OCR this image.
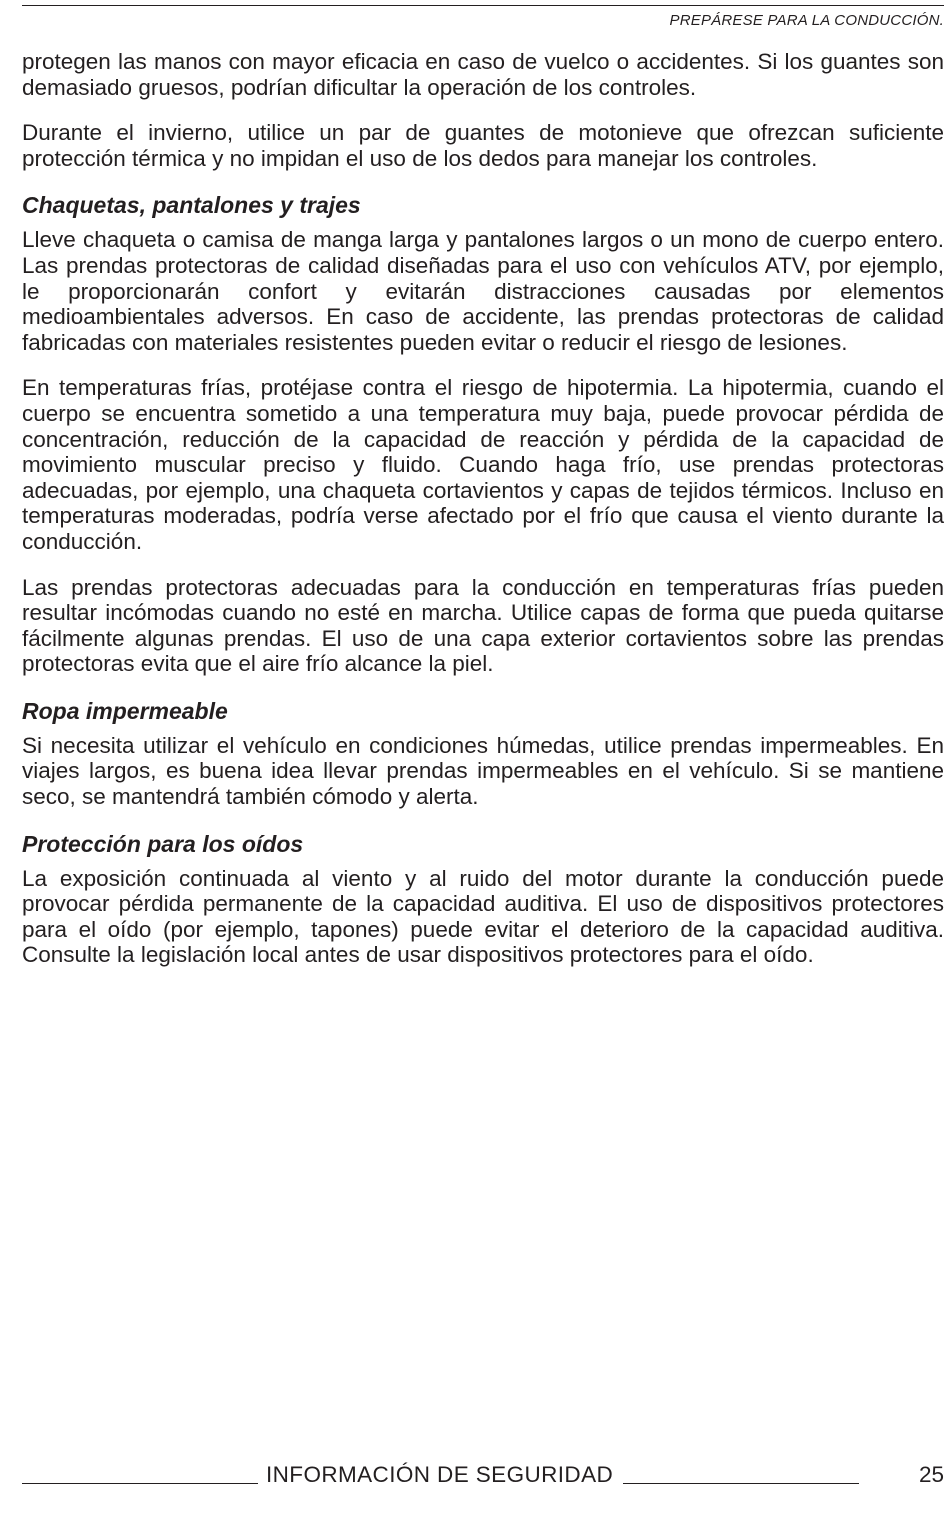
PREPÁRESE PARA LA CONDUCCIÓN.

protegen las manos con mayor eficacia en caso de vuelco o accidentes. Si los guantes son demasiado gruesos, podrían dificultar la operación de los controles.

Durante el invierno, utilice un par de guantes de motonieve que ofrezcan suficiente protección térmica y no impidan el uso de los dedos para manejar los controles.

Chaquetas, pantalones y trajes

Lleve chaqueta o camisa de manga larga y pantalones largos o un mono de cuerpo entero. Las prendas protectoras de calidad diseñadas para el uso con vehículos ATV, por ejemplo, le proporcionarán confort y evitarán distracciones causadas por elementos medioambientales adversos. En caso de accidente, las prendas protectoras de calidad fabricadas con materiales resistentes pueden evitar o reducir el riesgo de lesiones.

En temperaturas frías, protéjase contra el riesgo de hipotermia. La hipotermia, cuando el cuerpo se encuentra sometido a una temperatura muy baja, puede provocar pérdida de concentración, reducción de la capacidad de reacción y pérdida de la capacidad de movimiento muscular preciso y fluido. Cuando haga frío, use prendas protectoras adecuadas, por ejemplo, una chaqueta cortavientos y capas de tejidos térmicos. Incluso en temperaturas moderadas, podría verse afectado por el frío que causa el viento durante la conducción.

Las prendas protectoras adecuadas para la conducción en temperaturas frías pueden resultar incómodas cuando no esté en marcha. Utilice capas de forma que pueda quitarse fácilmente algunas prendas. El uso de una capa exterior cortavientos sobre las prendas protectoras evita que el aire frío alcance la piel.

Ropa impermeable

Si necesita utilizar el vehículo en condiciones húmedas, utilice prendas impermeables. En viajes largos, es buena idea llevar prendas impermeables en el vehículo. Si se mantiene seco, se mantendrá también cómodo y alerta.

Protección para los oídos

La exposición continuada al viento y al ruido del motor durante la conducción puede provocar pérdida permanente de la capacidad auditiva. El uso de dispositivos protectores para el oído (por ejemplo, tapones) puede evitar el deterioro de la capacidad auditiva. Consulte la legislación local antes de usar dispositivos protectores para el oído.

INFORMACIÓN DE SEGURIDAD	25
